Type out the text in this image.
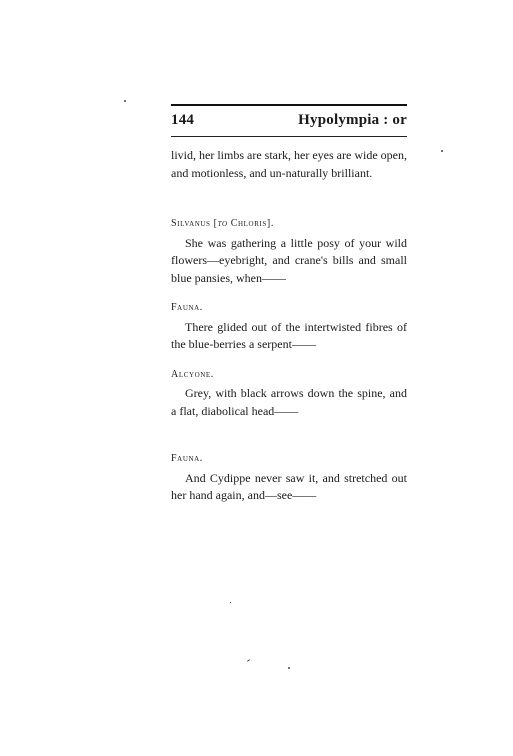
144	Hypolympia : or

livid, her limbs are stark, her eyes are wide open, and motionless, and un-naturally brilliant.

Silvanus [to Chloris].

She was gathering a little posy of your wild flowers—eyebright, and crane's bills and small blue pansies, when——

Fauna.

There glided out of the intertwisted fibres of the blue-berries a serpent——

Alcyone.

Grey, with black arrows down the spine, and a flat, diabolical head——

Fauna.

And Cydippe never saw it, and stretched out her hand again, and—see——
